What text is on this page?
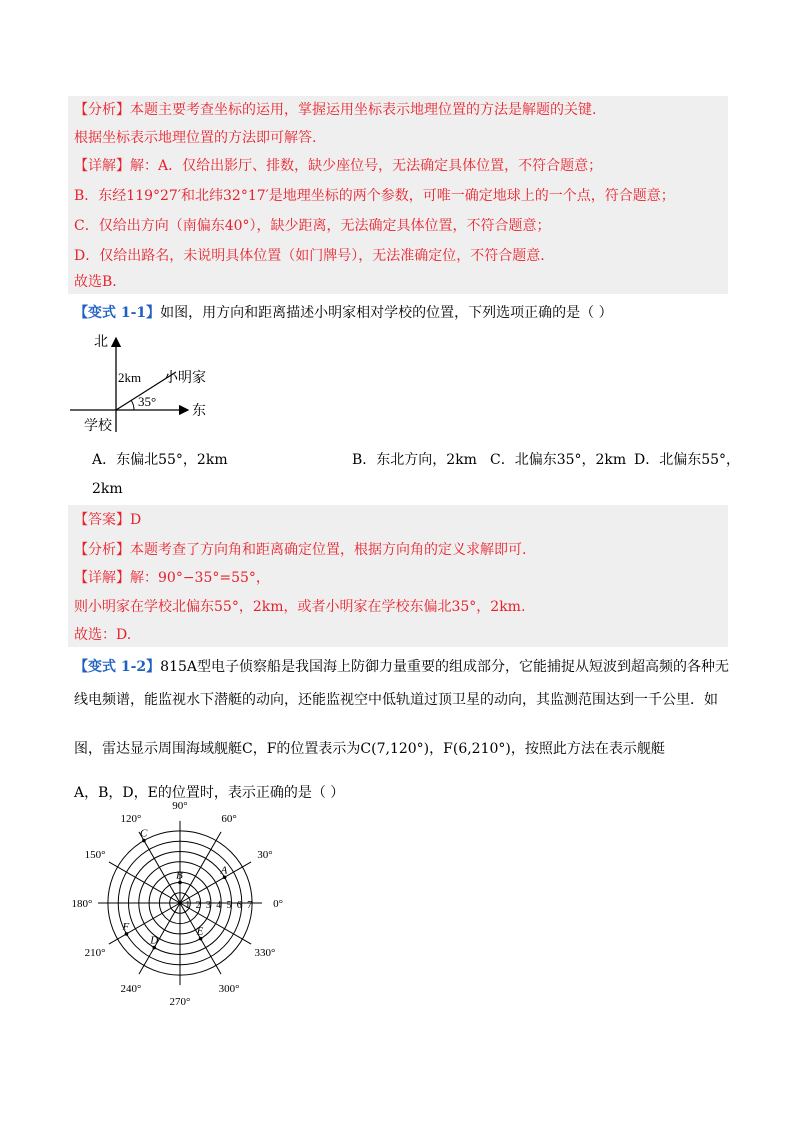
【分析】本题主要考查坐标的运用，掌握运用坐标表示地理位置的方法是解题的关键.
根据坐标表示地理位置的方法即可解答.
【详解】解：A．仅给出影厅、排数，缺少座位号，无法确定具体位置，不符合题意；
B．东经119°27′和北纬32°17′是地理坐标的两个参数，可唯一确定地球上的一个点，符合题意；
C．仅给出方向（南偏东40°），缺少距离，无法确定具体位置，不符合题意；
D．仅给出路名，未说明具体位置（如门牌号），无法准确定位，不符合题意.
故选B.
【变式 1-1】如图，用方向和距离描述小明家相对学校的位置，下列选项正确的是（ ）
北
2km 小明家
35°
东
学校
A．东偏北55°，2km	B．东北方向，2km C．北偏东35°，2km D．北偏东55°，
2km
【答案】D
【分析】本题考查了方向角和距离确定位置，根据方向角的定义求解即可.
【详解】解：90°−35°=55°，
则小明家在学校北偏东55°，2km，或者小明家在学校东偏北35°，2km.
故选：D.
【变式 1-2】815A型电子侦察船是我国海上防御力量重要的组成部分，它能捕捉从短波到超高频的各种无
线电频谱，能监视水下潜艇的动向，还能监视空中低轨道过顶卫星的动向，其监测范围达到一千公里．如
图，雷达显示周围海域舰艇C，F的位置表示为C(7,120°)，F(6,210°)，按照此方法在表示舰艇
A，B，D，E的位置时，表示正确的是（ ）
1 2 3 4 5 6 7 0°
30°
60°
90°
120°
150°
180°
210°
240°
270°
300°
330°
A
B
C
D
E
F
